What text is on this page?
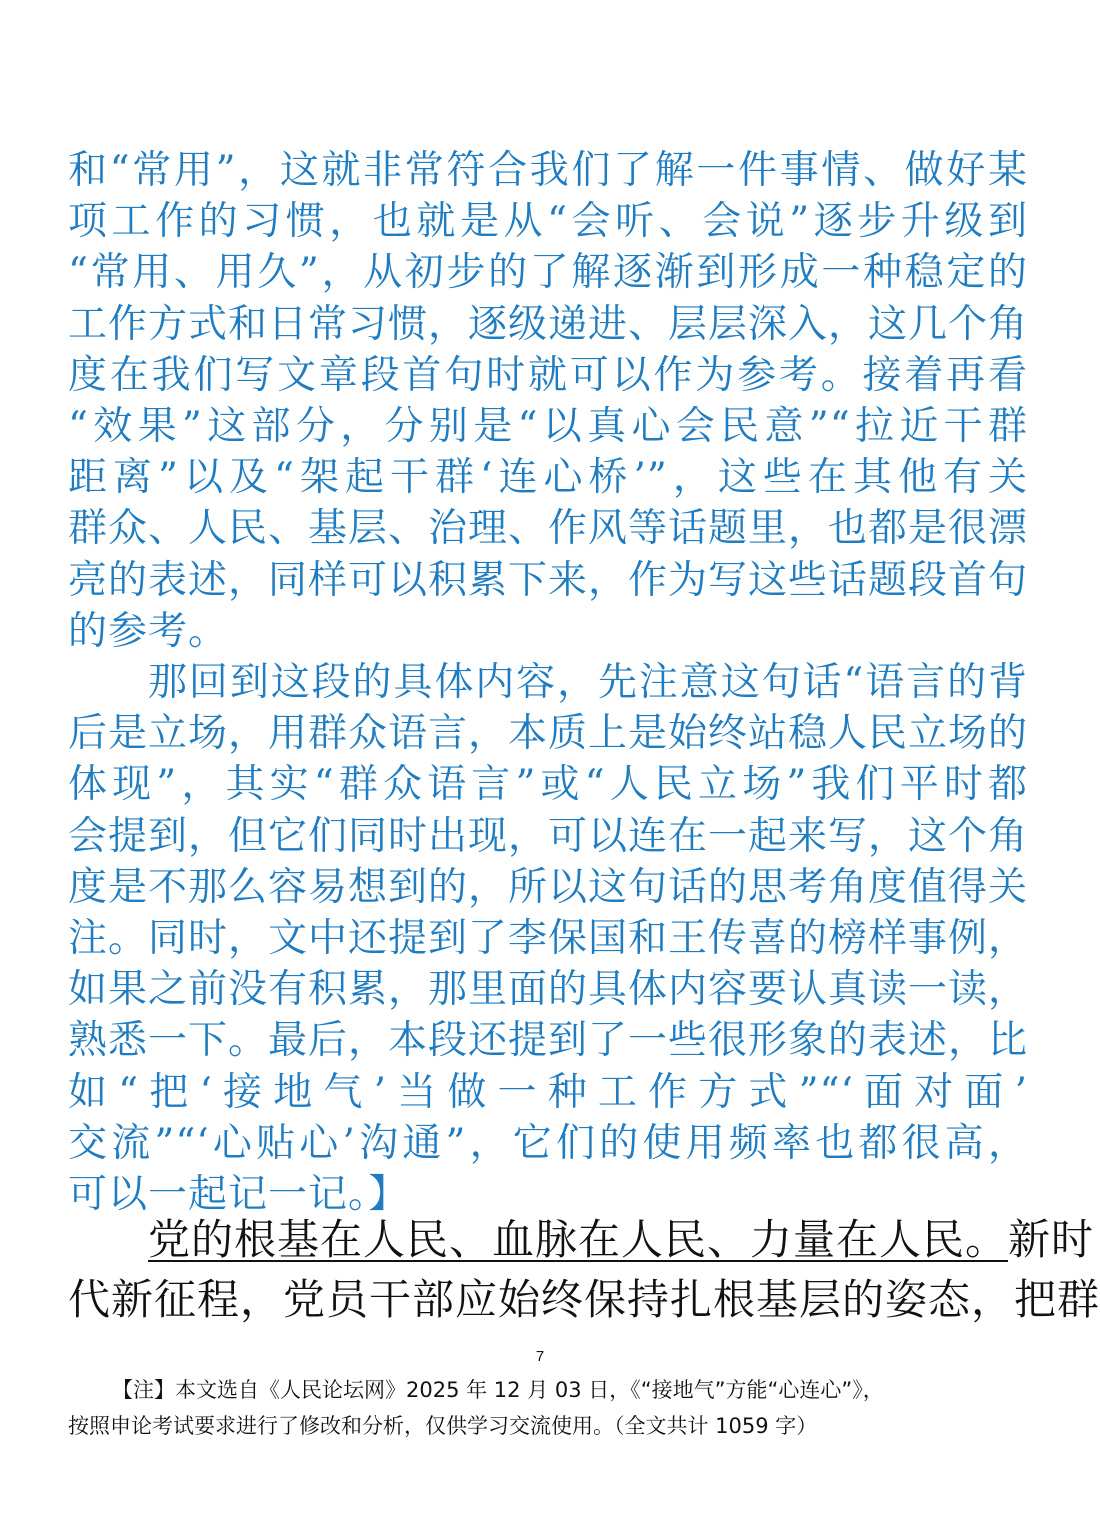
和“常用”，这就非常符合我们了解一件事情、做好某
项工作的习惯，也就是从“会听、会说”逐步升级到
“常用、用久”，从初步的了解逐渐到形成一种稳定的
工作方式和日常习惯，逐级递进、层层深入，这几个角
度在我们写文章段首句时就可以作为参考。接着再看
“效果”这部分，分别是“以真心会民意”“拉近干群
距离”以及“架起干群‘连心桥’”，这些在其他有关
群众、人民、基层、治理、作风等话题里，也都是很漂
亮的表述，同样可以积累下来，作为写这些话题段首句
的参考。
那回到这段的具体内容，先注意这句话“语言的背
后是立场，用群众语言，本质上是始终站稳人民立场的
体现”，其实“群众语言”或“人民立场”我们平时都
会提到，但它们同时出现，可以连在一起来写，这个角
度是不那么容易想到的，所以这句话的思考角度值得关
注。同时，文中还提到了李保国和王传喜的榜样事例，
如果之前没有积累，那里面的具体内容要认真读一读，
熟悉一下。最后，本段还提到了一些很形象的表述，比
如“把‘接地气’当做一种工作方式”“‘面对面’
交流”“‘心贴心’沟通”，它们的使用频率也都很高，
可以一起记一记。】
党的根基在人民、血脉在人民、力量在人民。新时
代新征程，党员干部应始终保持扎根基层的姿态，把群
7
【注】本文选自《人民论坛网》2025 年 12 月 03 日，《“接地气”方能“心连心”》，
按照申论考试要求进行了修改和分析，仅供学习交流使用。（全文共计 1059 字）
